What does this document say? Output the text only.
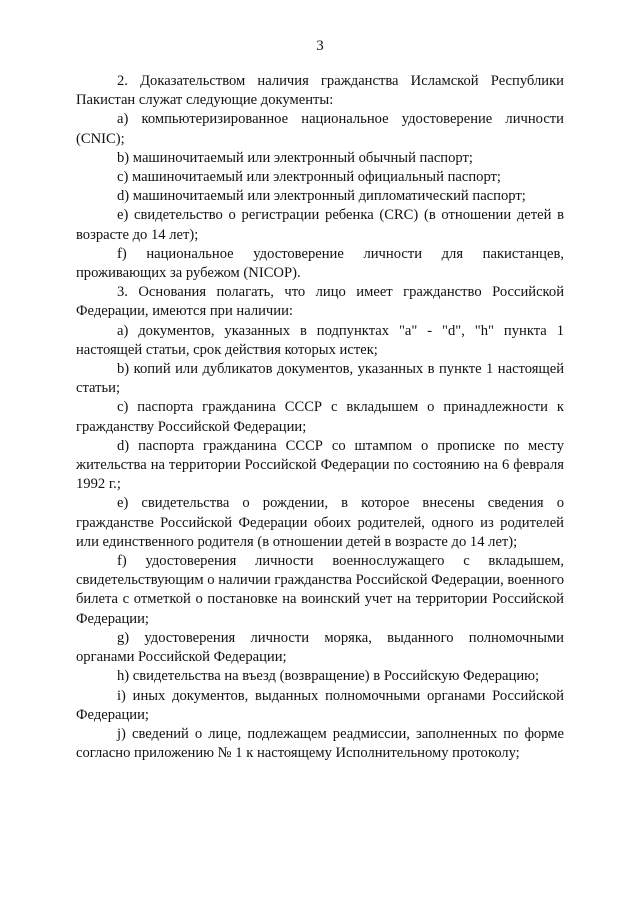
3

2. Доказательством наличия гражданства Исламской Республики Пакистан служат следующие документы:

a) компьютеризированное национальное удостоверение личности (CNIC);

b) машиночитаемый или электронный обычный паспорт;

c) машиночитаемый или электронный официальный паспорт;

d) машиночитаемый или электронный дипломатический паспорт;

e) свидетельство о регистрации ребенка (CRC) (в отношении детей в возрасте до 14 лет);

f) национальное удостоверение личности для пакистанцев, проживающих за рубежом (NICOP).

3. Основания полагать, что лицо имеет гражданство Российской Федерации, имеются при наличии:

a) документов, указанных в подпунктах "a" - "d", "h" пункта 1 настоящей статьи, срок действия которых истек;

b) копий или дубликатов документов, указанных в пункте 1 настоящей статьи;

c) паспорта гражданина СССР с вкладышем о принадлежности к гражданству Российской Федерации;

d) паспорта гражданина СССР со штампом о прописке по месту жительства на территории Российской Федерации по состоянию на 6 февраля 1992 г.;

e) свидетельства о рождении, в которое внесены сведения о гражданстве Российской Федерации обоих родителей, одного из родителей или единственного родителя (в отношении детей в возрасте до 14 лет);

f) удостоверения личности военнослужащего с вкладышем, свидетельствующим о наличии гражданства Российской Федерации, военного билета с отметкой о постановке на воинский учет на территории Российской Федерации;

g) удостоверения личности моряка, выданного полномочными органами Российской Федерации;

h) свидетельства на въезд (возвращение) в Российскую Федерацию;

i) иных документов, выданных полномочными органами Российской Федерации;

j) сведений о лице, подлежащем реадмиссии, заполненных по форме согласно приложению № 1 к настоящему Исполнительному протоколу;
